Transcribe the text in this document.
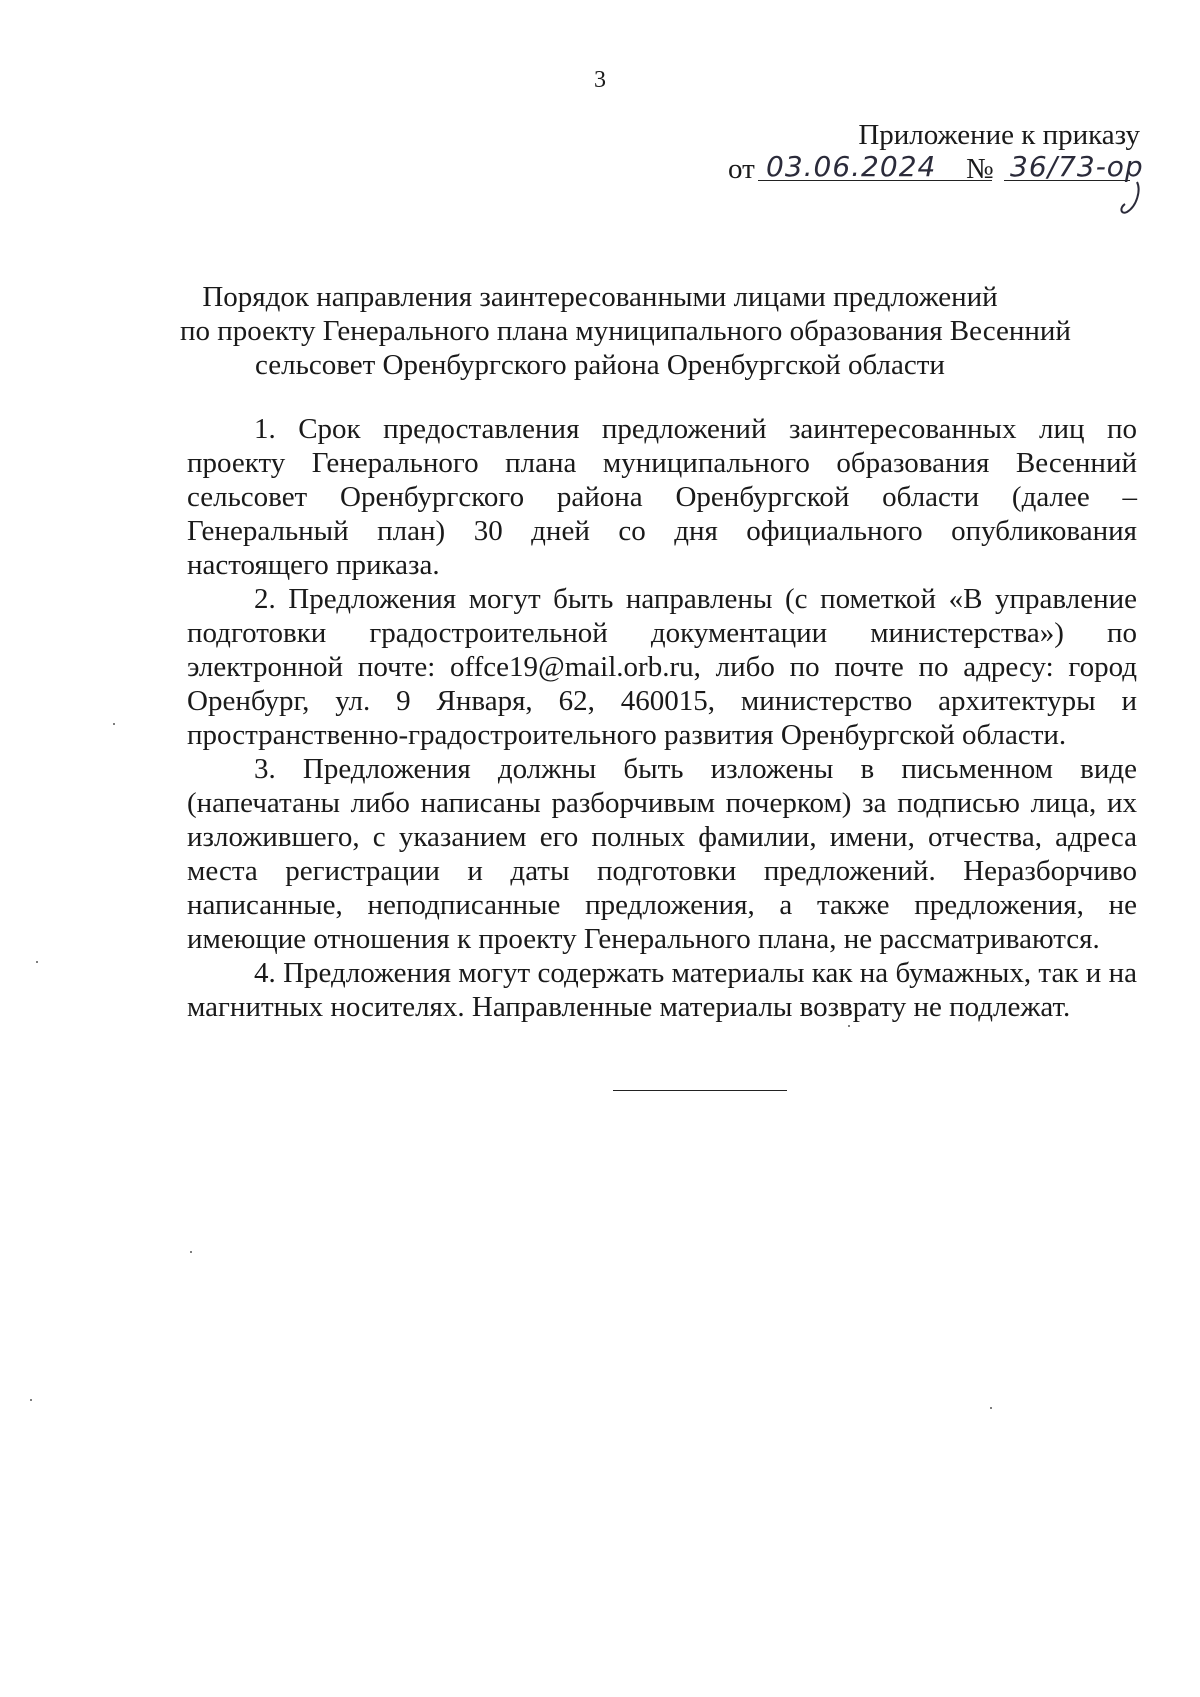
3
Приложение к приказу
от 03.06.2024 № 36/73-ор
Порядок направления заинтересованными лицами предложений
по проекту Генерального плана муниципального образования Весенний
сельсовет Оренбургского района Оренбургской области

1. Срок предоставления предложений заинтересованных лиц по проекту Генерального плана муниципального образования Весенний сельсовет Оренбургского района Оренбургской области (далее – Генеральный план) 30 дней со дня официального опубликования настоящего приказа.

2. Предложения могут быть направлены (с пометкой «В управление подготовки градостроительной документации министерства») по электронной почте: offce19@mail.orb.ru, либо по почте по адресу: город Оренбург, ул. 9 Января, 62, 460015, министерство архитектуры и пространственно-градостроительного развития Оренбургской области.

3. Предложения должны быть изложены в письменном виде (напечатаны либо написаны разборчивым почерком) за подписью лица, их изложившего, с указанием его полных фамилии, имени, отчества, адреса места регистрации и даты подготовки предложений. Неразборчиво написанные, неподписанные предложения, а также предложения, не имеющие отношения к проекту Генерального плана, не рассматриваются.

4. Предложения могут содержать материалы как на бумажных, так и на магнитных носителях. Направленные материалы возврату не подлежат.
